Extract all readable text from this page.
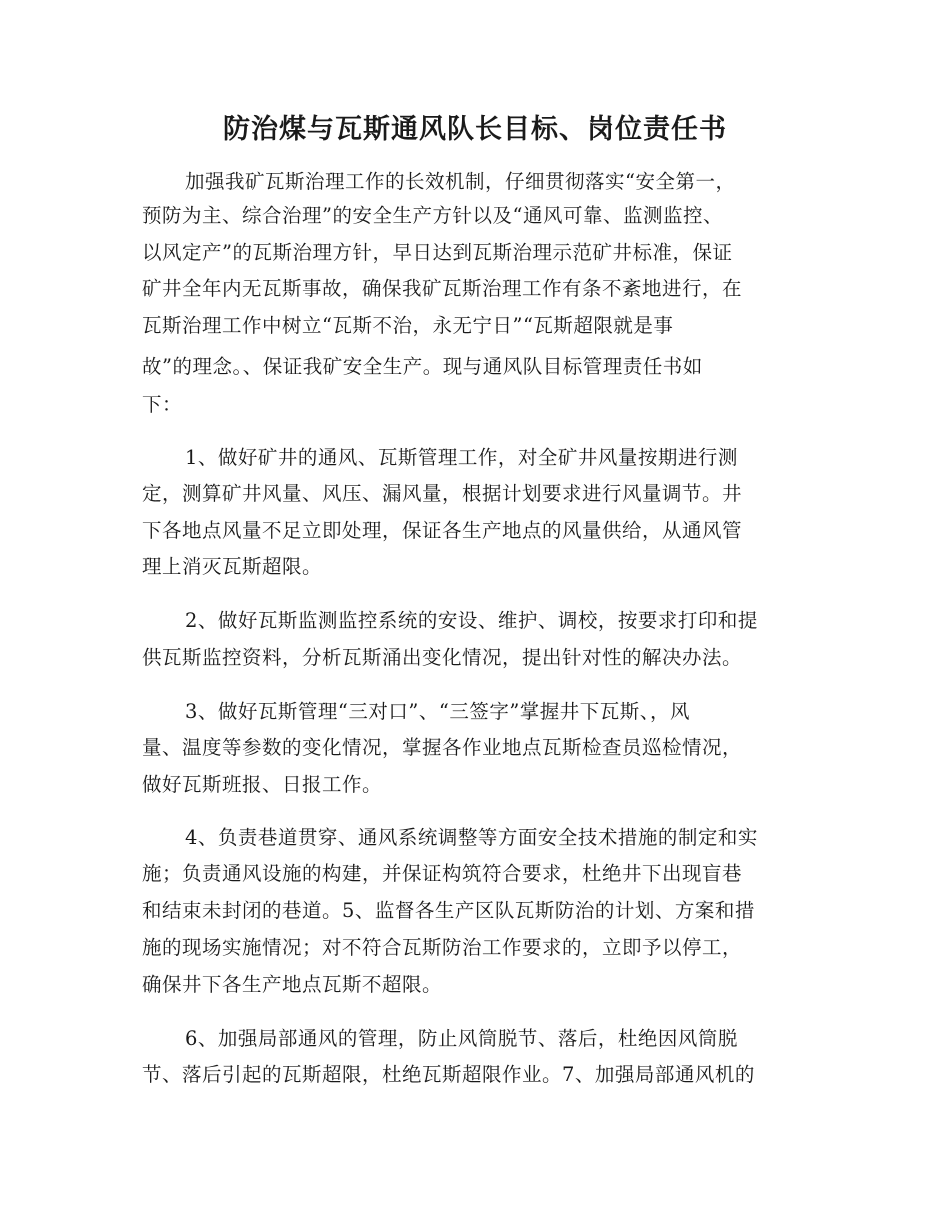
防治煤与瓦斯通风队长目标、岗位责任书

加强我矿瓦斯治理工作的长效机制，仔细贯彻落实“安全第一，

预防为主、综合治理”的安全生产方针以及“通风可靠、监测监控、

以风定产”的瓦斯治理方针，早日达到瓦斯治理示范矿井标准，保证

矿井全年内无瓦斯事故，确保我矿瓦斯治理工作有条不紊地进行，在

瓦斯治理工作中树立“瓦斯不治，永无宁日”“瓦斯超限就是事

故”的理念。、保证我矿安全生产。现与通风队目标管理责任书如

下：

1、做好矿井的通风、瓦斯管理工作，对全矿井风量按期进行测

定，测算矿井风量、风压、漏风量，根据计划要求进行风量调节。井

下各地点风量不足立即处理，保证各生产地点的风量供给，从通风管

理上消灭瓦斯超限。

2、做好瓦斯监测监控系统的安设、维护、调校，按要求打印和提

供瓦斯监控资料，分析瓦斯涌出变化情况，提出针对性的解决办法。

3、做好瓦斯管理“三对口”、“三签字”掌握井下瓦斯、，风

量、温度等参数的变化情况，掌握各作业地点瓦斯检查员巡检情况，

做好瓦斯班报、日报工作。

4、负责巷道贯穿、通风系统调整等方面安全技术措施的制定和实

施；负责通风设施的构建，并保证构筑符合要求，杜绝井下出现盲巷

和结束未封闭的巷道。5、监督各生产区队瓦斯防治的计划、方案和措

施的现场实施情况；对不符合瓦斯防治工作要求的，立即予以停工，

确保井下各生产地点瓦斯不超限。

6、加强局部通风的管理，防止风筒脱节、落后，杜绝因风筒脱

节、落后引起的瓦斯超限，杜绝瓦斯超限作业。7、加强局部通风机的
